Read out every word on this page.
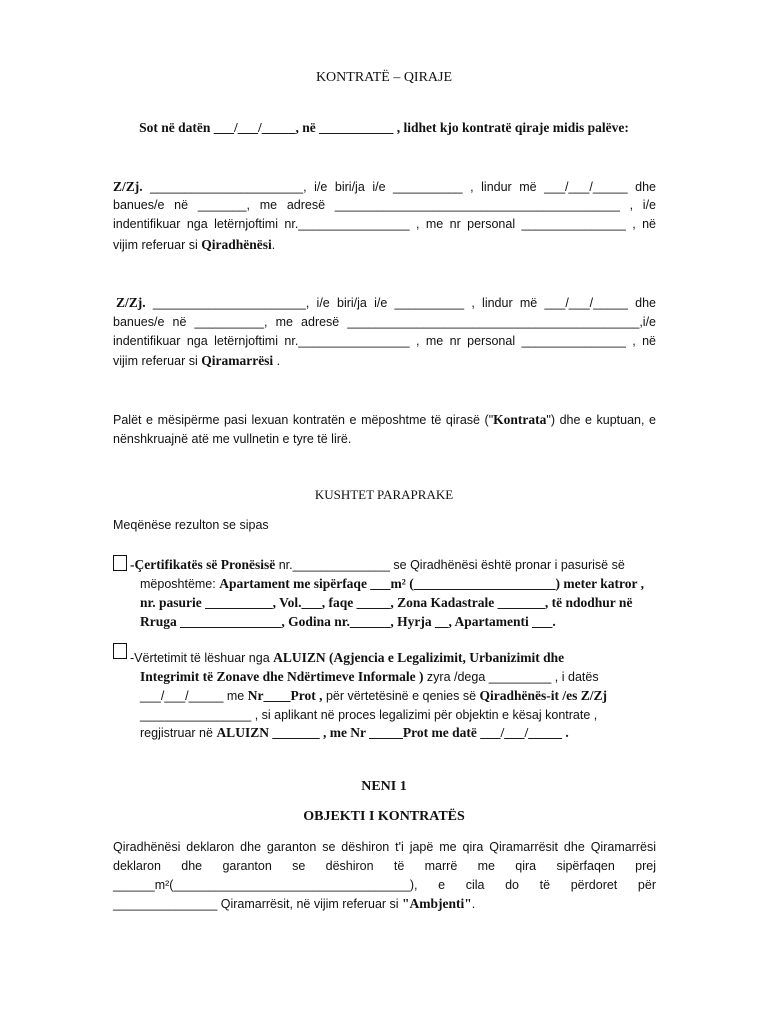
KONTRATË – QIRAJE
Sot në datën ___/___/_____, në ___________ , lidhet kjo kontratë qiraje midis palëve:
Z/Zj. ______________________, i/e biri/ja i/e __________ , lindur më ___/___/_____ dhe
banues/e në _______, me adresë _________________________________________ , i/e
indentifikuar nga letërnjoftimi nr.________________ , me nr personal _______________ , në
vijim referuar si Qiradhënësi.
Z/Zj. ______________________, i/e biri/ja i/e __________ , lindur më ___/___/_____ dhe
banues/e në __________, me adresë __________________________________________,i/e
indentifikuar nga letërnjoftimi nr.________________ , me nr personal _______________ , në
vijim referuar si Qiramarrësi .
Palët e mësipërme pasi lexuan kontratën e mëposhtme të qirasë ("Kontrata") dhe e kuptuan, e
nënshkruajnë atë me vullnetin e tyre të lirë.
KUSHTET PARAPRAKE
Meqënëse rezulton se sipas
-Çertifikatës së Pronësisë nr.______________ se Qiradhënësi është pronar i pasurisë së
mëposhtëme: Apartament me sipërfaqe ___m² (_____________________) meter katror ,
nr. pasurie __________, Vol.___, faqe _____, Zona Kadastrale _______, të ndodhur në
Rruga _______________, Godina nr.______, Hyrja __, Apartamenti ___.
-Vërtetimit të lëshuar nga ALUIZN (Agjencia e Legalizimit, Urbanizimit dhe
Integrimit të Zonave dhe Ndërtimeve Informale ) zyra /dega _________ , i datës
___/___/_____ me Nr____Prot , për vërtetësinë e qenies së Qiradhënës-it /es Z/Zj
________________ , si aplikant në proces legalizimi për objektin e kësaj kontrate ,
regjistruar në ALUIZN _______ , me Nr _____Prot me datë ___/___/_____ .
NENI 1
OBJEKTI I KONTRATËS
Qiradhënësi deklaron dhe garanton se dëshiron t'i japë me qira Qiramarrësit dhe Qiramarrësi
deklaron dhe garanton se dëshiron të marrë me qira sipërfaqen prej
______m²(__________________________________), e cila do të përdoret për
_______________ Qiramarrësit, në vijim referuar si "Ambjenti".
